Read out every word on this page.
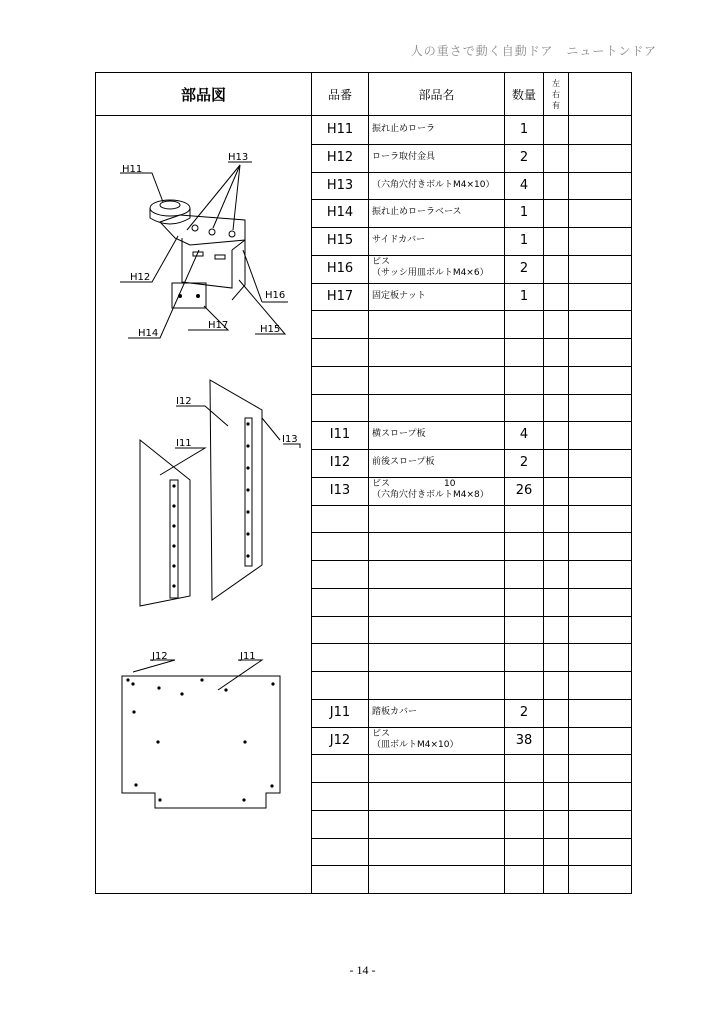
人の重さで動く自動ドア　ニュートンドア
部品図	品番	部品名	数量
左
右
有
H11	振れ止めローラ	1
H12	ローラ取付金具	2
H13	（六角穴付きボルトM4×10）	4
H14	振れ止めローラベース	1
H15	サイドカバー	1
H16	ビス
（サッシ用皿ボルトM4×6）	2
H17	固定板ナット	1
I11	横スロープ板	4
I12	前後スロープ板	2
I13	ビス　　　　　　10
（六角穴付きボルトM4×8）	26
J11	踏板カバー	2
J12	ビス
（皿ボルトM4×10）	38
H11
H13
H12
H16
H14
H17	H15
I12
I11	I13
J12	J11
- 14 -
